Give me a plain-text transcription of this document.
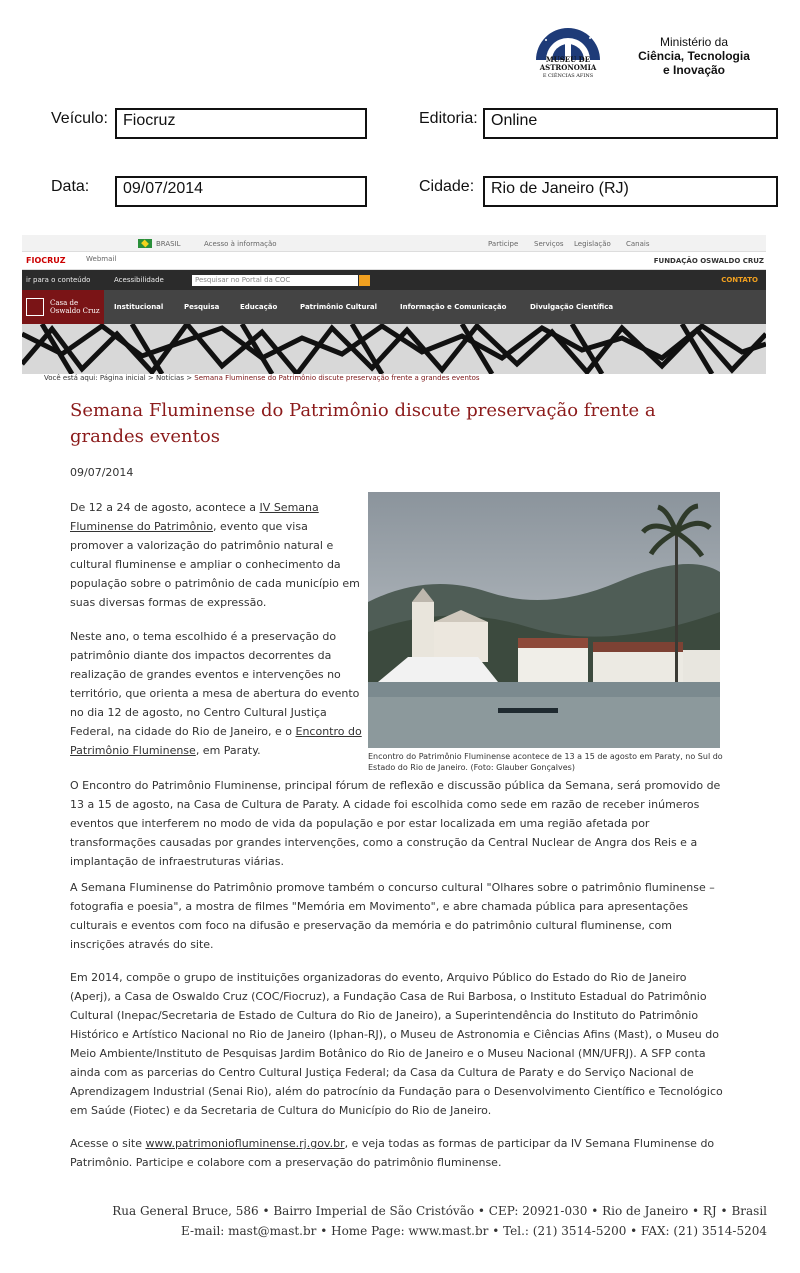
MUSEU DE ASTRONOMIA
E CIÊNCIAS AFINS
Ministério da
Ciência, Tecnologia
e Inovação
Veículo: Fiocruz	Editoria: Online
Data:	09/07/2014	Cidade:	Rio de Janeiro (RJ)
BRASIL	Acesso à informação	Participe Serviços Legislação Canais
FIOCRUZ	Webmail	FUNDAÇÃO OSWALDO CRUZ
ir para o conteúdo	Acessibilidade	Pesquisar no Portal da COC	CONTATO
Casa de Oswaldo Cruz	Institucional	Pesquisa	Educação	Patrimônio Cultural	Informação e Comunicação	Divulgação Científica
Você está aqui: Página inicial > Notícias > Semana Fluminense do Patrimônio discute preservação frente a grandes eventos
Semana Fluminense do Patrimônio discute preservação frente a grandes eventos
09/07/2014
De 12 a 24 de agosto, acontece a IV Semana Fluminense do Patrimônio, evento que visa promover a valorização do patrimônio natural e cultural fluminense e ampliar o conhecimento da população sobre o patrimônio de cada município em suas diversas formas de expressão.
Neste ano, o tema escolhido é a preservação do patrimônio diante dos impactos decorrentes da realização de grandes eventos e intervenções no território, que orienta a mesa de abertura do evento no dia 12 de agosto, no Centro Cultural Justiça Federal, na cidade do Rio de Janeiro, e o Encontro do Patrimônio Fluminense, em Paraty.	Encontro do Patrimônio Fluminense acontece de 13 a 15 de agosto em Paraty, no Sul do Estado do Rio de Janeiro. (Foto: Glauber Gonçalves)
O Encontro do Patrimônio Fluminense, principal fórum de reflexão e discussão pública da Semana, será promovido de 13 a 15 de agosto, na Casa de Cultura de Paraty. A cidade foi escolhida como sede em razão de receber inúmeros eventos que interferem no modo de vida da população e por estar localizada em uma região afetada por transformações causadas por grandes intervenções, como a construção da Central Nuclear de Angra dos Reis e a implantação de infraestruturas viárias.
A Semana Fluminense do Patrimônio promove também o concurso cultural "Olhares sobre o patrimônio fluminense – fotografia e poesia", a mostra de filmes "Memória em Movimento", e abre chamada pública para apresentações culturais e eventos com foco na difusão e preservação da memória e do patrimônio cultural fluminense, com inscrições através do site.
Em 2014, compõe o grupo de instituições organizadoras do evento, Arquivo Público do Estado do Rio de Janeiro (Aperj), a Casa de Oswaldo Cruz (COC/Fiocruz), a Fundação Casa de Rui Barbosa, o Instituto Estadual do Patrimônio Cultural (Inepac/Secretaria de Estado de Cultura do Rio de Janeiro), a Superintendência do Instituto do Patrimônio Histórico e Artístico Nacional no Rio de Janeiro (Iphan-RJ), o Museu de Astronomia e Ciências Afins (Mast), o Museu do Meio Ambiente/Instituto de Pesquisas Jardim Botânico do Rio de Janeiro e o Museu Nacional (MN/UFRJ). A SFP conta ainda com as parcerias do Centro Cultural Justiça Federal; da Casa da Cultura de Paraty e do Serviço Nacional de Aprendizagem Industrial (Senai Rio), além do patrocínio da Fundação para o Desenvolvimento Científico e Tecnológico em Saúde (Fiotec) e da Secretaria de Cultura do Município do Rio de Janeiro.
Acesse o site www.patrimoniofluminense.rj.gov.br, e veja todas as formas de participar da IV Semana Fluminense do Patrimônio. Participe e colabore com a preservação do patrimônio fluminense.
Rua General Bruce, 586 • Bairro Imperial de São Cristóvão • CEP: 20921-030 • Rio de Janeiro • RJ • Brasil
E-mail: mast@mast.br • Home Page: www.mast.br • Tel.: (21) 3514-5200 • FAX: (21) 3514-5204
